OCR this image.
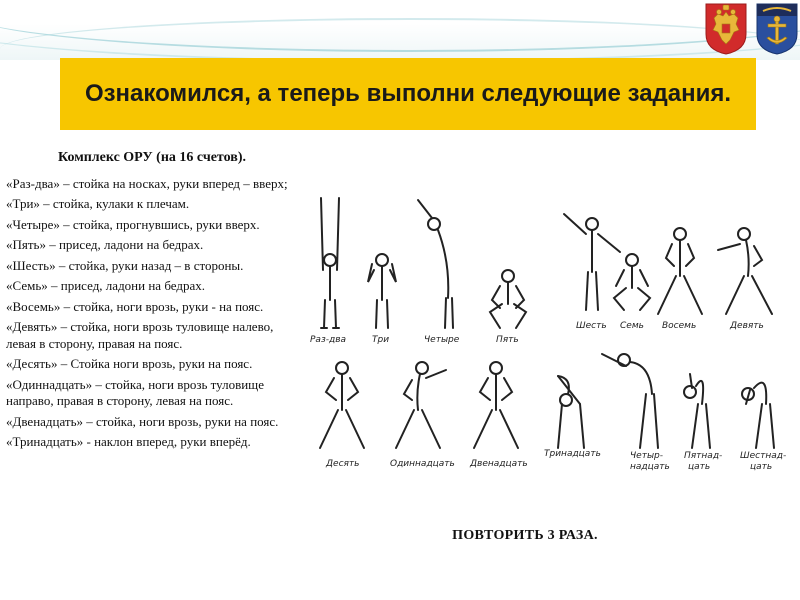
Ознакомился, а теперь выполни следующие задания.
Комплекс ОРУ (на 16 счетов).

«Раз-два» – стойка на носках, руки вперед – вверх;

«Три» – стойка, кулаки к плечам.

«Четыре» – стойка, прогнувшись, руки вверх.

«Пять» – присед, ладони на бедрах.

«Шесть» – стойка, руки назад – в стороны.

«Семь» – присед, ладони на бедрах.

«Восемь» – стойка, ноги врозь, руки - на пояс.

«Девять» – стойка, ноги врозь туловище налево, левая в сторону, правая на пояс.

«Десять» – Стойка ноги врозь, руки на пояс.

«Одиннадцать» – стойка, ноги врозь туловище направо, правая в сторону, левая на пояс.

«Двенадцать» – стойка, ноги врозь, руки на пояс.

«Тринадцать» - наклон вперед, руки вперёд.

Раз-два	Три	Четыре	Пять
Шесть Семь Восемь	Девять
Десять	Одиннадцать Двенадцать
Тринадцать	Четыр-
надцать
Пятнад-
цать
Шестнад-
цать
ПОВТОРИТЬ 3 РАЗА.
